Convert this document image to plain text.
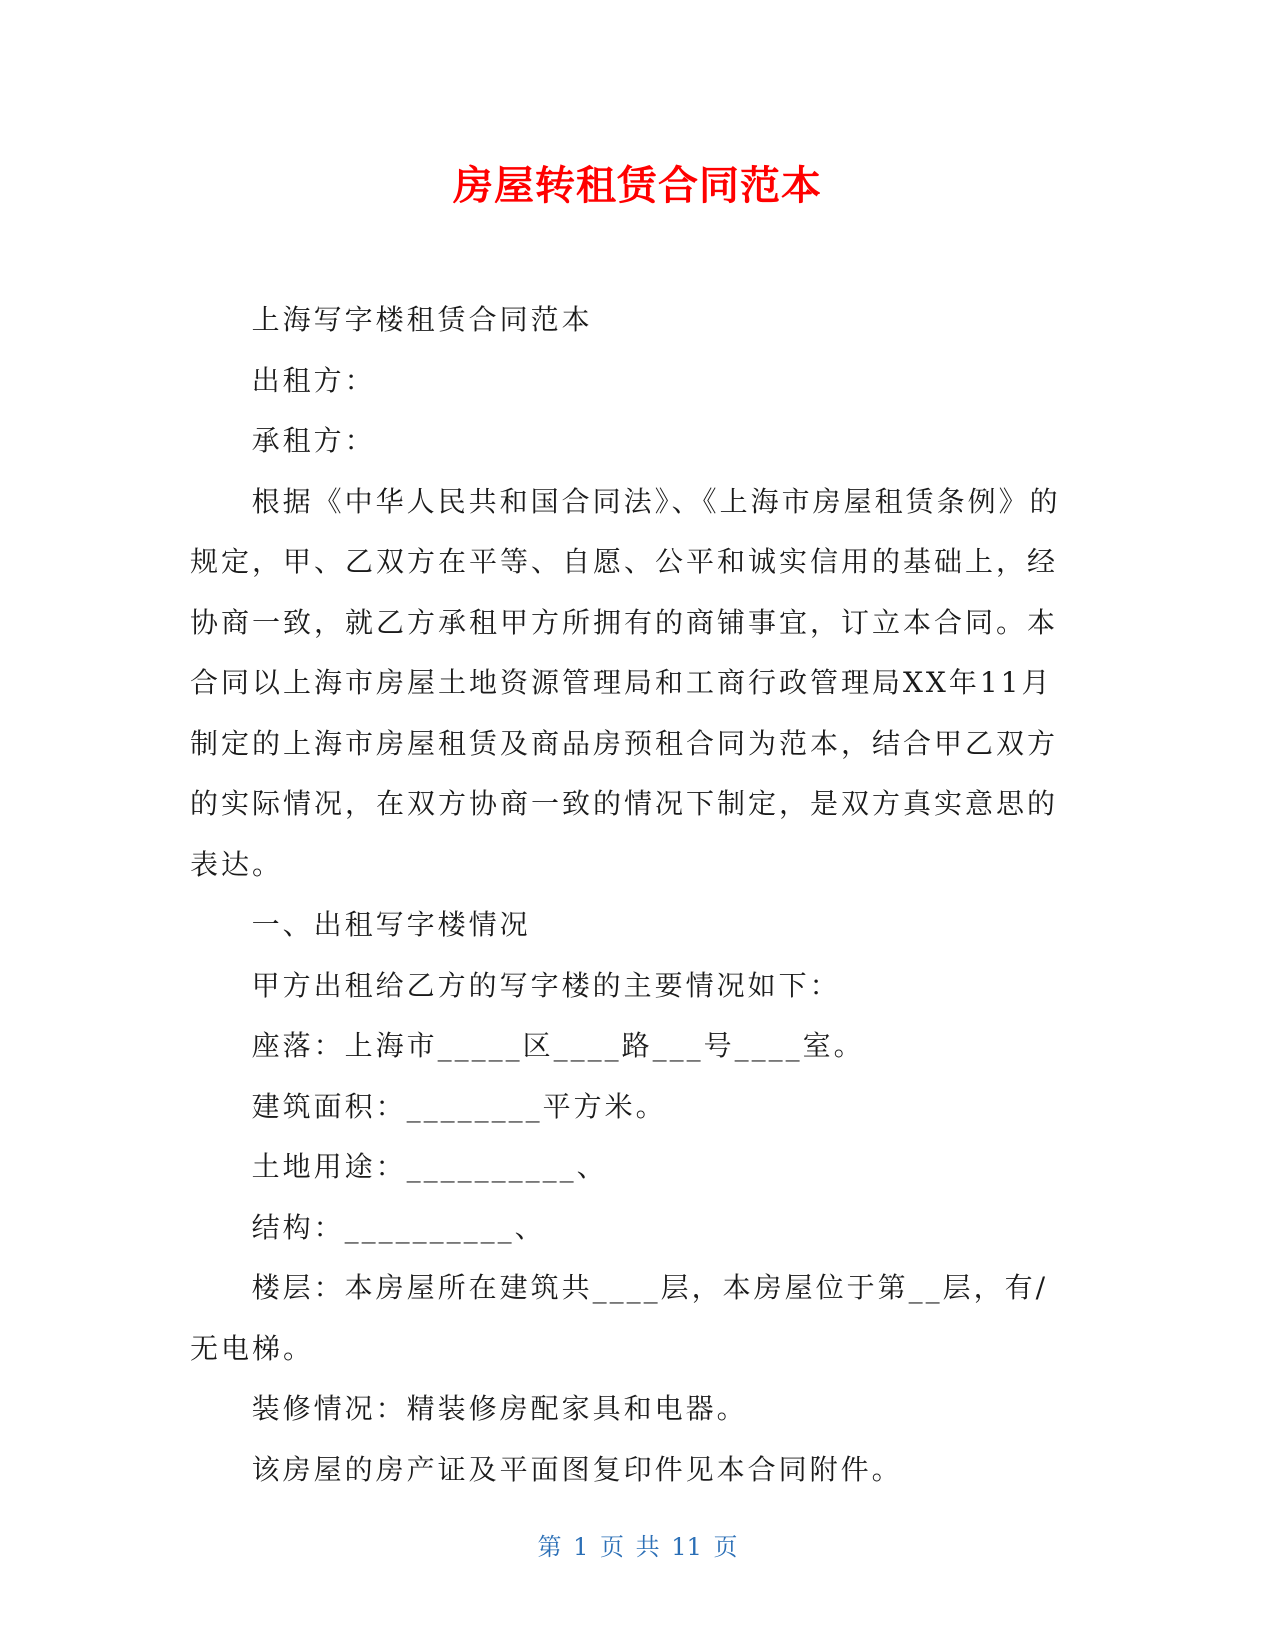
房屋转租赁合同范本

上海写字楼租赁合同范本

出租方：

承租方：

根据《中华人民共和国合同法》、《上海市房屋租赁条例》的规定，甲、乙双方在平等、自愿、公平和诚实信用的基础上，经协商一致，就乙方承租甲方所拥有的商铺事宜，订立本合同。本合同以上海市房屋土地资源管理局和工商行政管理局XX年11月制定的上海市房屋租赁及商品房预租合同为范本，结合甲乙双方的实际情况，在双方协商一致的情况下制定，是双方真实意思的表达。

一、出租写字楼情况

甲方出租给乙方的写字楼的主要情况如下：

座落：上海市_____区____路___号____室。

建筑面积：________平方米。

土地用途：__________、

结构：__________、

楼层：本房屋所在建筑共____层，本房屋位于第__层，有/无电梯。

装修情况：精装修房配家具和电器。

该房屋的房产证及平面图复印件见本合同附件。

第 1 页 共 11 页
